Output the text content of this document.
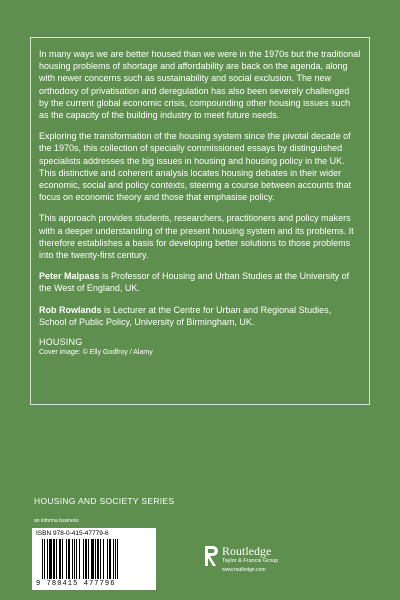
In many ways we are better housed than we were in the 1970s but the traditional housing problems of shortage and affordability are back on the agenda, along with newer concerns such as sustainability and social exclusion. The new orthodoxy of privatisation and deregulation has also been severely challenged by the current global economic crisis, compounding other housing issues such as the capacity of the building industry to meet future needs.

Exploring the transformation of the housing system since the pivotal decade of the 1970s, this collection of specially commissioned essays by distinguished specialists addresses the big issues in housing and housing policy in the UK. This distinctive and coherent analysis locates housing debates in their wider economic, social and policy contexts, steering a course between accounts that focus on economic theory and those that emphasise policy.

This approach provides students, researchers, practitioners and policy makers with a deeper understanding of the present housing system and its problems. It therefore establishes a basis for developing better solutions to those problems into the twenty-first century.

Peter Malpass is Professor of Housing and Urban Studies at the University of the West of England, UK.

Rob Rowlands is Lecturer at the Centre for Urban and Regional Studies, School of Public Policy, University of Birmingham, UK.

HOUSING

Cover image: © Elly Godfroy / Alamy

HOUSING AND SOCIETY SERIES
an informa business

ISBN 978-0-415-47779-6

9 780415 477796

Routledge
Taylor & Francis Group
www.routledge.com
